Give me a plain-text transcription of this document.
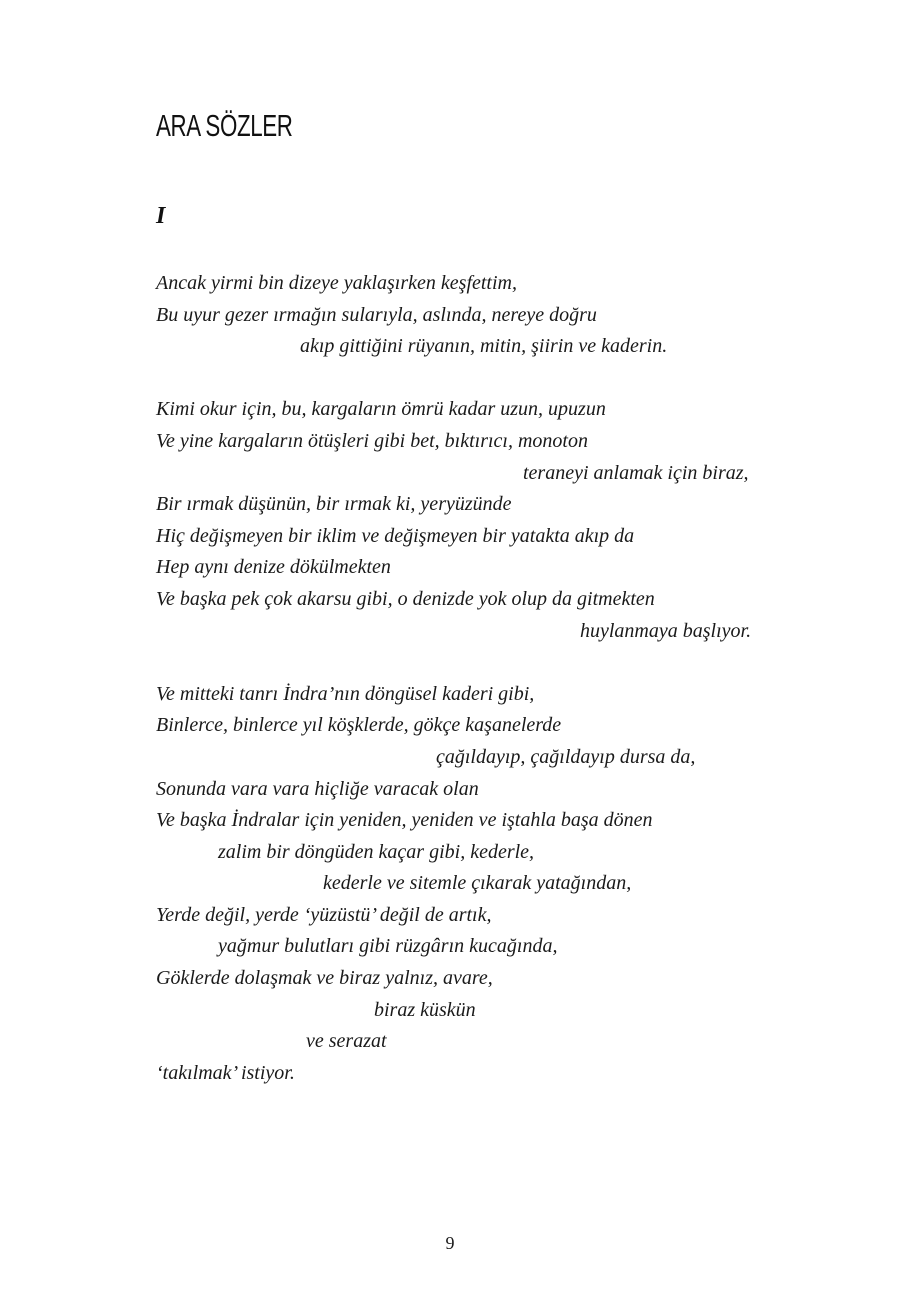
ARA SÖZLER
I
Ancak yirmi bin dizeye yaklaşırken keşfettim,
Bu uyur gezer ırmağın sularıyla, aslında, nereye doğru
akıp gittiğini rüyanın, mitin, şiirin ve kaderin.
Kimi okur için, bu, kargaların ömrü kadar uzun, upuzun
Ve yine kargaların ötüşleri gibi bet, bıktırıcı, monoton
teraneyi anlamak için biraz,
Bir ırmak düşünün, bir ırmak ki, yeryüzünde
Hiç değişmeyen bir iklim ve değişmeyen bir yatakta akıp da
Hep aynı denize dökülmekten
Ve başka pek çok akarsu gibi, o denizde yok olup da gitmekten
huylanmaya başlıyor.
Ve mitteki tanrı İndra’nın döngüsel kaderi gibi,
Binlerce, binlerce yıl köşklerde, gökçe kaşanelerde
çağıldayıp, çağıldayıp dursa da,
Sonunda vara vara hiçliğe varacak olan
Ve başka İndralar için yeniden, yeniden ve iştahla başa dönen
zalim bir döngüden kaçar gibi, kederle,
kederle ve sitemle çıkarak yatağından,
Yerde değil, yerde ‘yüzüstü’ değil de artık,
yağmur bulutları gibi rüzgârın kucağında,
Göklerde dolaşmak ve biraz yalnız, avare,
biraz küskün
ve serazat
‘takılmak’ istiyor.
9
